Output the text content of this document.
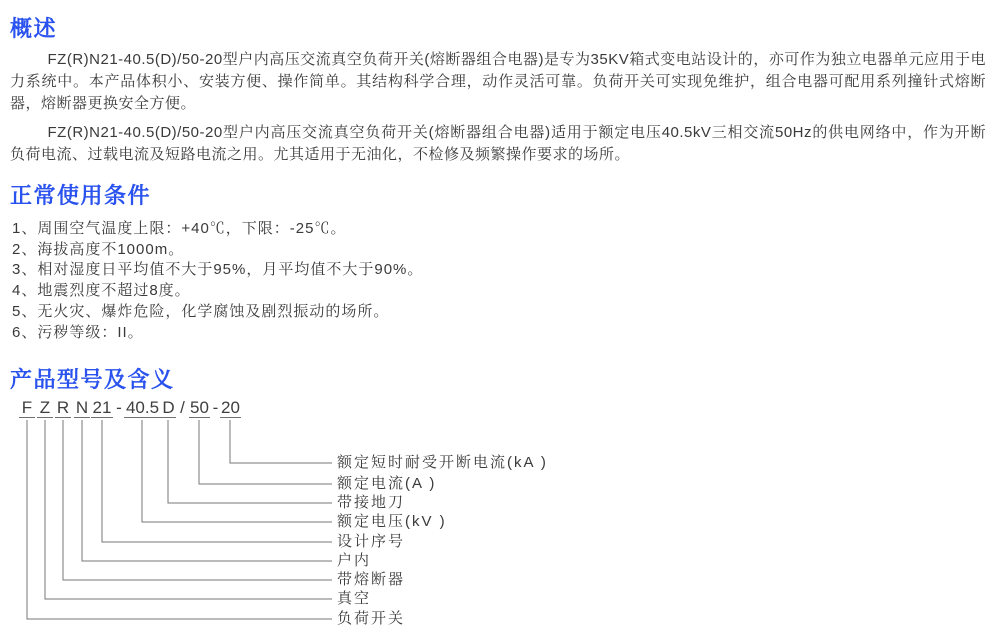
概述

FZ(R)N21-40.5(D)/50-20型户内高压交流真空负荷开关(熔断器组合电器)是专为35KV箱式变电站设计的，亦可作为独立电器单元应用于电力系统中。本产品体积小、安装方便、操作简单。其结构科学合理，动作灵活可靠。负荷开关可实现免维护，组合电器可配用系列撞针式熔断器，熔断器更换安全方便。

FZ(R)N21-40.5(D)/50-20型户内高压交流真空负荷开关(熔断器组合电器)适用于额定电压40.5kV三相交流50Hz的供电网络中，作为开断负荷电流、过载电流及短路电流之用。尤其适用于无油化，不检修及频繁操作要求的场所。

正常使用条件
1、周围空气温度上限：+40℃，下限：-25℃。
2、海拔高度不1000m。
3、相对湿度日平均值不大于95%，月平均值不大于90%。
4、地震烈度不超过8度。
5、无火灾、爆炸危险，化学腐蚀及剧烈振动的场所。
6、污秽等级：II。
产品型号及含义
F Z R N 21 - 40.5 D / 50 - 20
额定短时耐受开断电流(kA )
额定电流(A )
带接地刀
额定电压(kV )
设计序号
户内
带熔断器
真空
负荷开关
